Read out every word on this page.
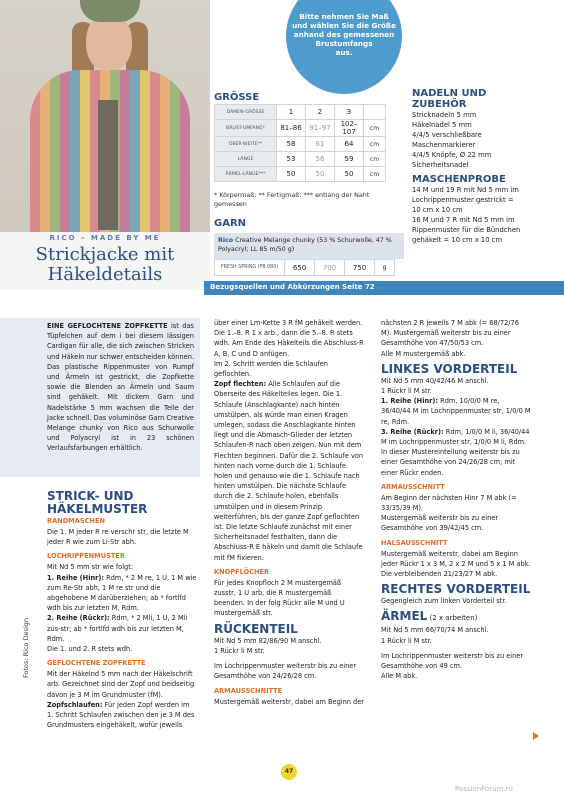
Bitte nehmen Sie Maß
und wählen Sie die Größe
anhand des gemessenen
Brustumfangs
aus.
RICO – MADE BY ME
Strickjacke mit
Häkeldetails
GRÖSSE
DAMEN-GRÖSSE	1	2	3	
BRUST-UMFANG*	81–86	91–97	102–107	cm
OBER-WEITE**	58	61	64	cm
LÄNGE	53	56	59	cm
ÄRMEL-LÄNGE***	50	50	50	cm
* Körpermaß; ** Fertigmaß; *** entlang der Naht gemessen
GARN
Rico Creative Melange chunky (53 % Schurwolle, 47 % Polyacryl; LL 85 m/50 g)
FRESH SPRING (FB 080)	650	700	750	g
Bezugsquellen und Abkürzungen Seite 72
NADELN UND
ZUBEHÖR

Stricknadeln 5 mm

Häkelnadel 5 mm

4/4/5 verschließbare

Maschenmarkierer

4/4/5 Knöpfe, Ø 22 mm

Sicherheitsnadel

MASCHENPROBE

14 M und 19 R mit Nd 5 mm im

Lochrippenmuster gestrickt =

10 cm x 10 cm

16 M und 7 R mit Nd 5 mm im

Rippenmuster für die Bündchen

gehäkelt = 10 cm x 10 cm

EINE GEFLOCHTENE ZOPFKETTE ist das Tüpfelchen auf dem i bei diesem lässigen Cardigan für alle, die sich zwischen Stricken und Häkeln nur schwer entscheiden können. Das plastische Rippenmuster von Rumpf und Ärmeln ist gestrickt, die Zopfkette sowie die Blenden an Ärmeln und Saum sind gehäkelt. Mit dickem Garn und Nadelstärke 5 mm wachsen die Teile der Jacke schnell. Das voluminöse Garn Creative Melange chunky von Rico aus Schurwolle und Polyacryl ist in 23 schönen Verlaufsfarbungen erhältlich.
STRICK- UND
HÄKELMUSTER
RANDMASCHEN

Die 1. M jeder R re verschr str, die letzte M jeder R wie zum Li-Str abh.

LOCHRIPPENMUSTER

Mit Nd 5 mm str wie folgt:

1. Reihe (Hinr): Rdm, * 2 M re, 1 U, 1 M wie zum Re-Str abh, 1 M re str und die abgehobene M darüberziehen; ab * fortlfd wdh bis zur letzten M, Rdm.

2. Reihe (Rückr): Rdm, * 2 Mli, 1 U, 2 Mli zus-str; ab * fortlfd wdh bis zur letzten M, Rdm.

Die 1. und 2. R stets wdh.

GEFLOCHTENE ZOPFKETTE

Mit der Häkelnd 5 mm nach der Häkelschrift arb. Gezeichnet sind der Zopf und beidseitig davon je 3 M im Grundmuster (fM).

Zopfschlaufen: Für jeden Zopf werden im 1. Schritt Schlaufen zwischen den je 3 M des Grundmusters eingehäkelt, wofür jeweils

über einer Lm-Kette 3 R fM gehäkelt werden. Die 1.–8. R 1 x arb., dann die 5.–8. R stets wdh. Am Ende des Häkelteils die Abschluss-R A, B, C und D anfügen.

Im 2. Schritt werden die Schlaufen geflochten.

Zopf flechten: Alle Schlaufen auf die Oberseite des Häkelteiles legen. Die 1. Schlaufe (Anschlagkante) nach hinten umstülpen, als würde man einen Kragen umlegen, sodass die Anschlagkante hinten liegt und die Abmasch-Glieder der letzten Schlaufen-R nach oben zeigen. Nun mit dem Flechten beginnen. Dafür die 2. Schlaufe von hinten nach vorne durch die 1. Schlaufe holen und genauso wie die 1. Schlaufe nach hinten umstülpen. Die nächste Schlaufe durch die 2. Schlaufe holen, ebenfalls umstülpen und in diesem Prinzip weiterführen, bis der ganze Zopf geflochten ist. Die letzte Schlaufe zunächst mit einer Sicherheitsnadel festhalten, dann die Abschluss-R E häkeln und damit die Schlaufe mit fM fixieren.

KNOPFLÖCHER

Für jedes Knopfloch 2 M mustergemäß zusstr, 1 U arb, die R mustergemäß beenden. In der folg Rückr alle M und U mustergemäß str.

RÜCKENTEIL

Mit Nd 5 mm 82/86/90 M anschl.

1 Rückr li M str.

Im Lochrippenmuster weiterstr bis zu einer Gesamthöhe von 24/26/28 cm.

ARMAUSSCHNITTE

Mustergemäß weiterstr, dabei am Beginn der

nächsten 2 R jeweils 7 M abk (= 68/72/76 M). Mustergemäß weiterstr bis zu einer Gesamthöhe von 47/50/53 cm.

Alle M mustergemäß abk.

LINKES VORDERTEIL

Mit Nd 5 mm 40/42/46 M anschl.

1 Rückr li M str.

1. Reihe (Hinr): Rdm, 10/0/0 M re, 36/40/44 M im Lochrippenmuster str, 1/0/0 M re, Rdm.

3. Reihe (Rückr): Rdm, 1/0/0 M li, 36/40/44 M im Lochrippenmuster str, 1/0/0 M li, Rdm.

In dieser Mustereinteilung weiterstr bis zu einer Gesamthöhe von 24/26/28 cm; mit einer Rückr enden.

ARMAUSSCHNITT

Am Beginn der nächsten Hinr 7 M abk (= 33/35/39 M).

Mustergemäß weiterstr bis zu einer Gesamthöhe von 39/42/45 cm.

HALSAUSSCHNITT

Mustergemäß weiterstr, dabei am Beginn jeder Rückr 1 x 3 M, 2 x 2 M und 5 x 1 M abk. Die verbleibenden 21/23/27 M abk.

RECHTES VORDERTEIL

Gegengleich zum linken Vorderteil str.

ÄRMEL (2 x arbeiten)

Mit Nd 5 mm 66/70/74 M anschl.

1 Rückr li M str.

Im Lochrippenmuster weiterstr bis zu einer Gesamthöhe von 49 cm.

Alle M abk.

Fotos: Rico Design
47
PassionForum.ru
